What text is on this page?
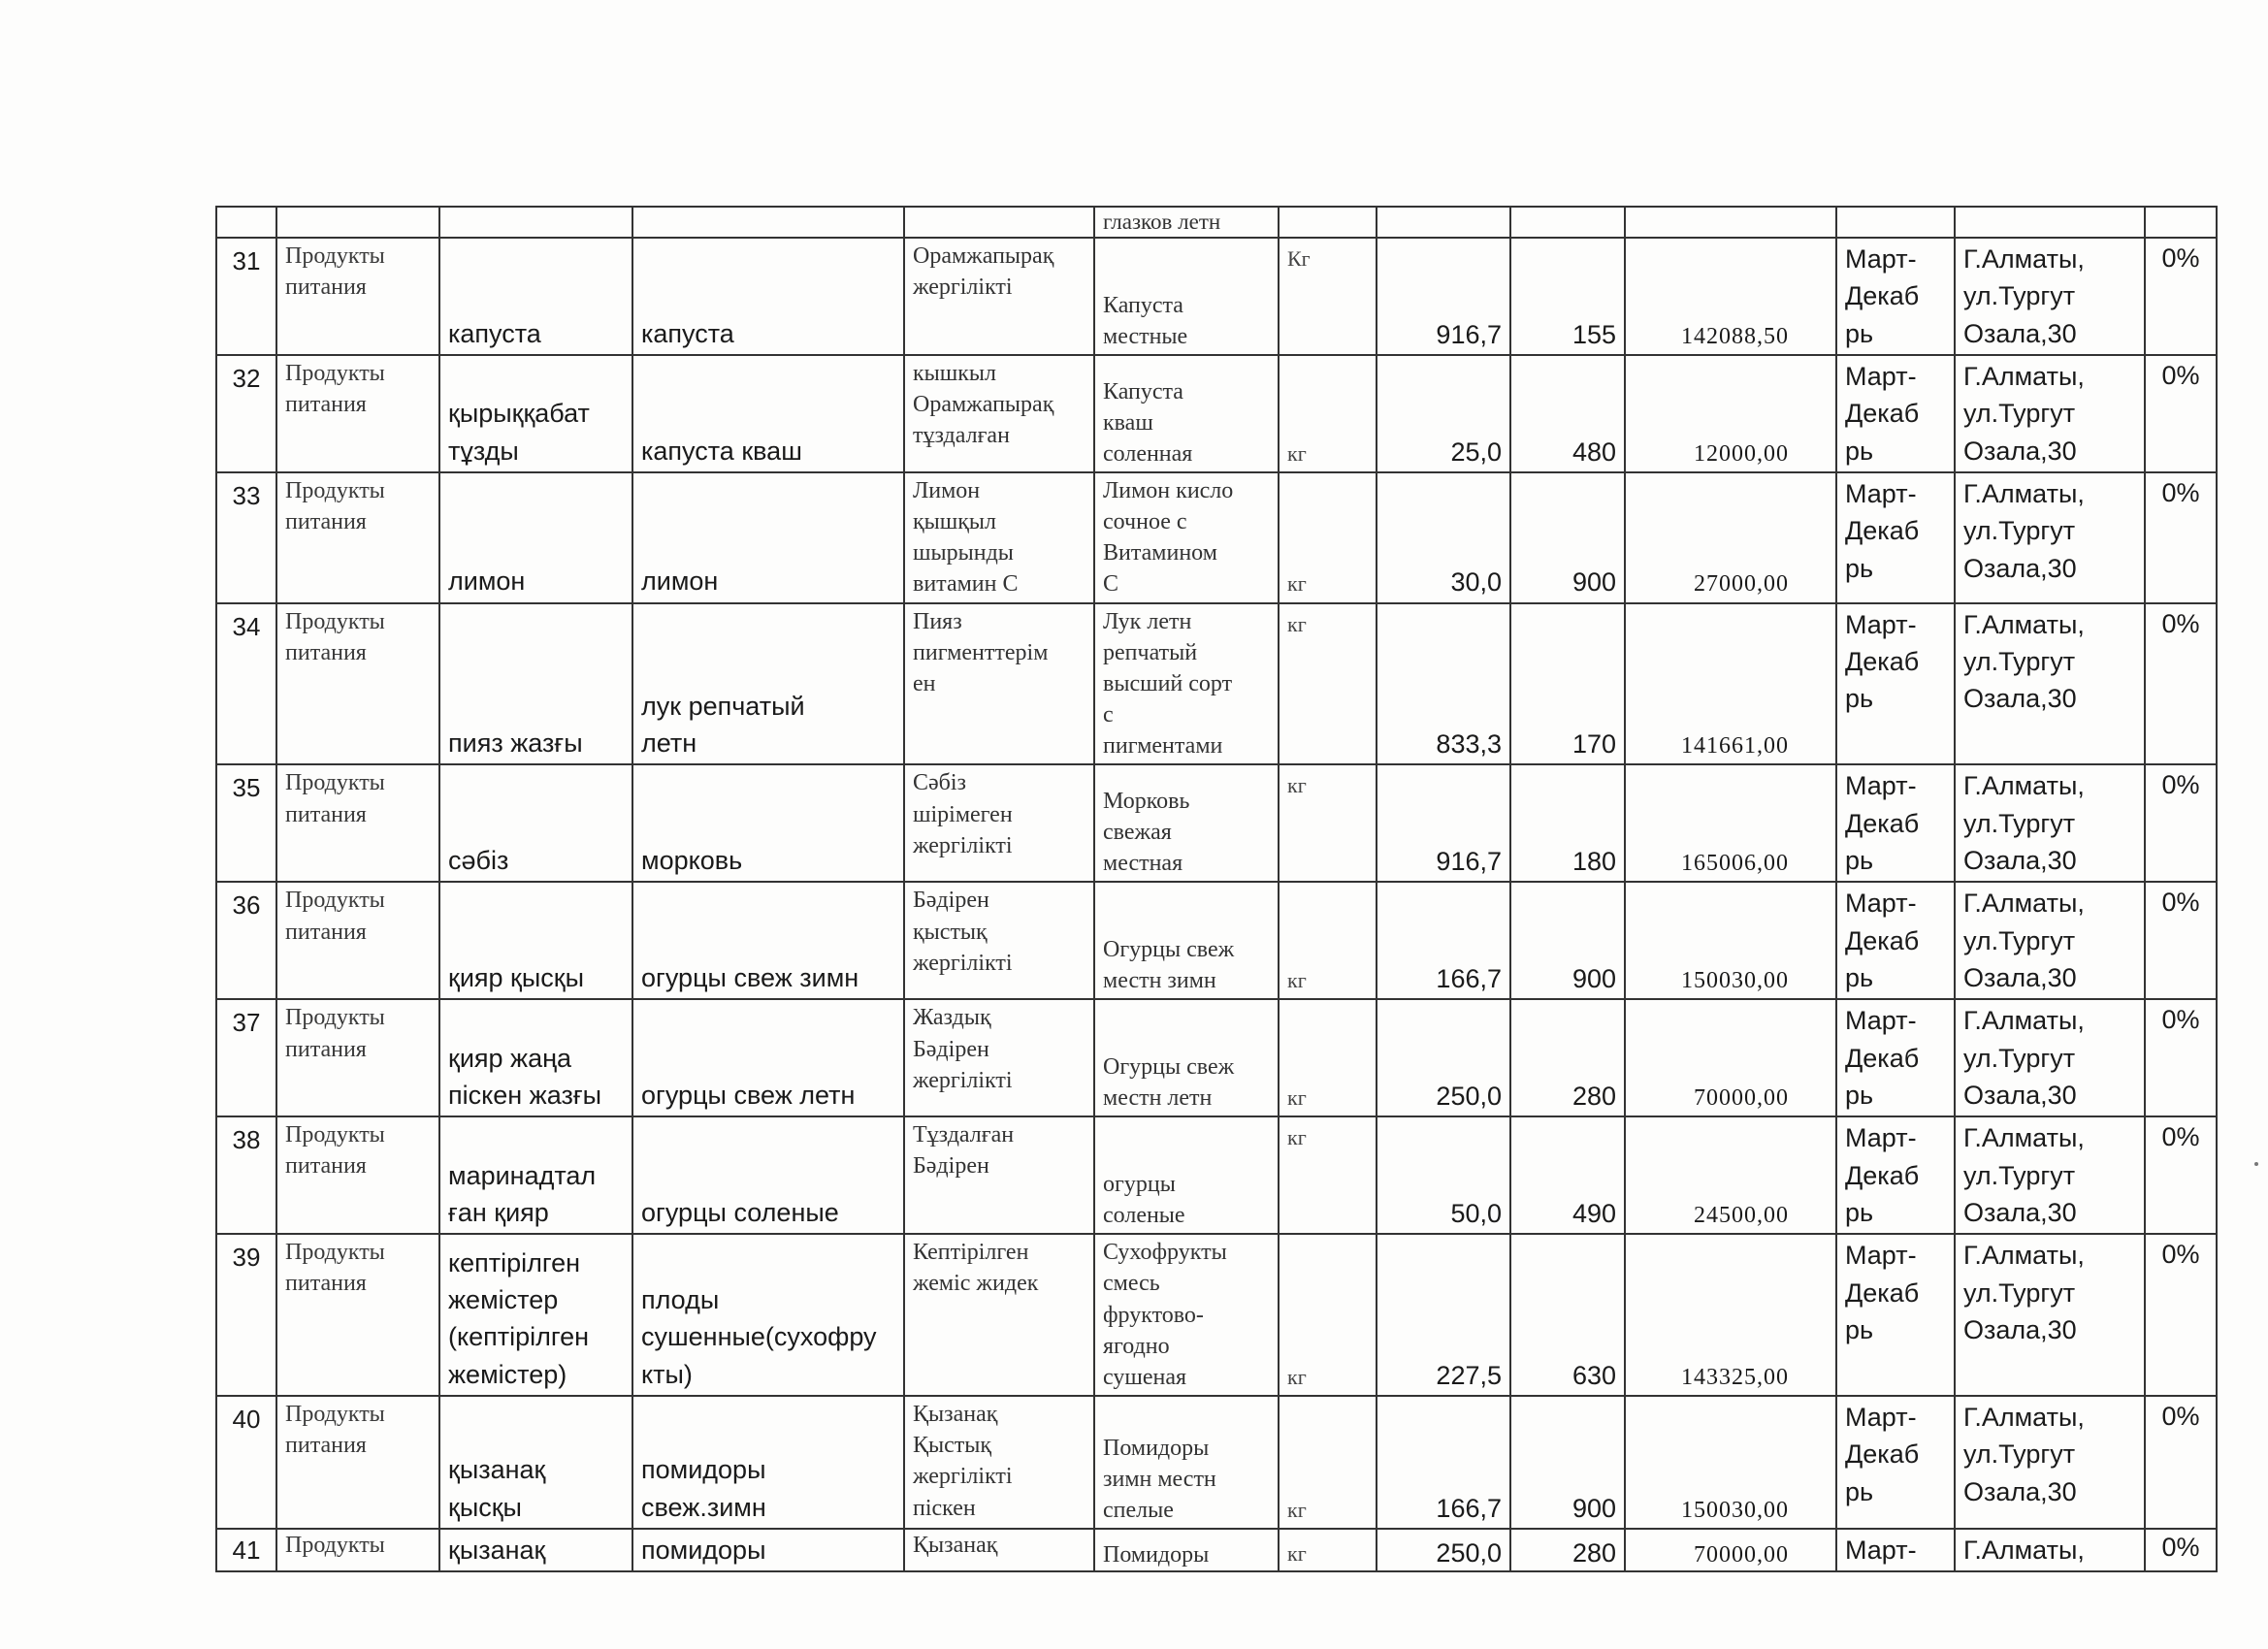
					глазков летн							
31	Продукты
питания	капуста	капуста	Орамжапырақ
жергілікті	Капуста
местные	Кг	916,7	155	142088,50	Март-
Декаб
рь	Г.Алматы,
ул.Тургут
Озала,30	0%
32	Продукты
питания	қырыққабат
тұзды	капуста кваш	кышкыл
Орамжапырақ
тұздалған	Капуста
кваш
соленная	кг	25,0	480	12000,00	Март-
Декаб
рь	Г.Алматы,
ул.Тургут
Озала,30	0%
33	Продукты
питания	лимон	лимон	Лимон
қышқыл
шырынды
витамин С	Лимон кисло
сочное с
Витамином
С	кг	30,0	900	27000,00	Март-
Декаб
рь	Г.Алматы,
ул.Тургут
Озала,30	0%
34	Продукты
питания	пияз жазғы	лук репчатый
летн	Пияз
пигменттерім
ен	Лук летн
репчатый
высший сорт
с
пигментами	кг	833,3	170	141661,00	Март-
Декаб
рь	Г.Алматы,
ул.Тургут
Озала,30	0%
35	Продукты
питания	сәбіз	морковь	Сәбіз
шірімеген
жергілікті	Морковь
свежая
местная	кг	916,7	180	165006,00	Март-
Декаб
рь	Г.Алматы,
ул.Тургут
Озала,30	0%
36	Продукты
питания	қияр қысқы	огурцы свеж зимн	Бәдірен
қыстық
жергілікті	Огурцы свеж
местн зимн	кг	166,7	900	150030,00	Март-
Декаб
рь	Г.Алматы,
ул.Тургут
Озала,30	0%
37	Продукты
питания	қияр жаңа
піскен жазғы	огурцы свеж летн	Жаздық
Бәдірен
жергілікті	Огурцы свеж
местн летн	кг	250,0	280	70000,00	Март-
Декаб
рь	Г.Алматы,
ул.Тургут
Озала,30	0%
38	Продукты
питания	маринадтал
ған қияр	огурцы соленые	Тұздалған
Бәдірен	огурцы
соленые	кг	50,0	490	24500,00	Март-
Декаб
рь	Г.Алматы,
ул.Тургут
Озала,30	0%
39	Продукты
питания	кептірілген
жемістер
(кептірілген
жемістер)	плоды
сушенные(сухофру
кты)	Кептірілген
жеміс жидек	Сухофрукты
смесь
фруктово-
ягодно
сушеная	кг	227,5	630	143325,00	Март-
Декаб
рь	Г.Алматы,
ул.Тургут
Озала,30	0%
40	Продукты
питания	қызанақ
қысқы	помидоры
свеж.зимн	Қызанақ
Қыстық
жергілікті
піскен	Помидоры
зимн местн
спелые	кг	166,7	900	150030,00	Март-
Декаб
рь	Г.Алматы,
ул.Тургут
Озала,30	0%
41	Продукты	қызанақ	помидоры	Қызанақ	Помидоры	кг	250,0	280	70000,00	Март-	Г.Алматы,	0%
